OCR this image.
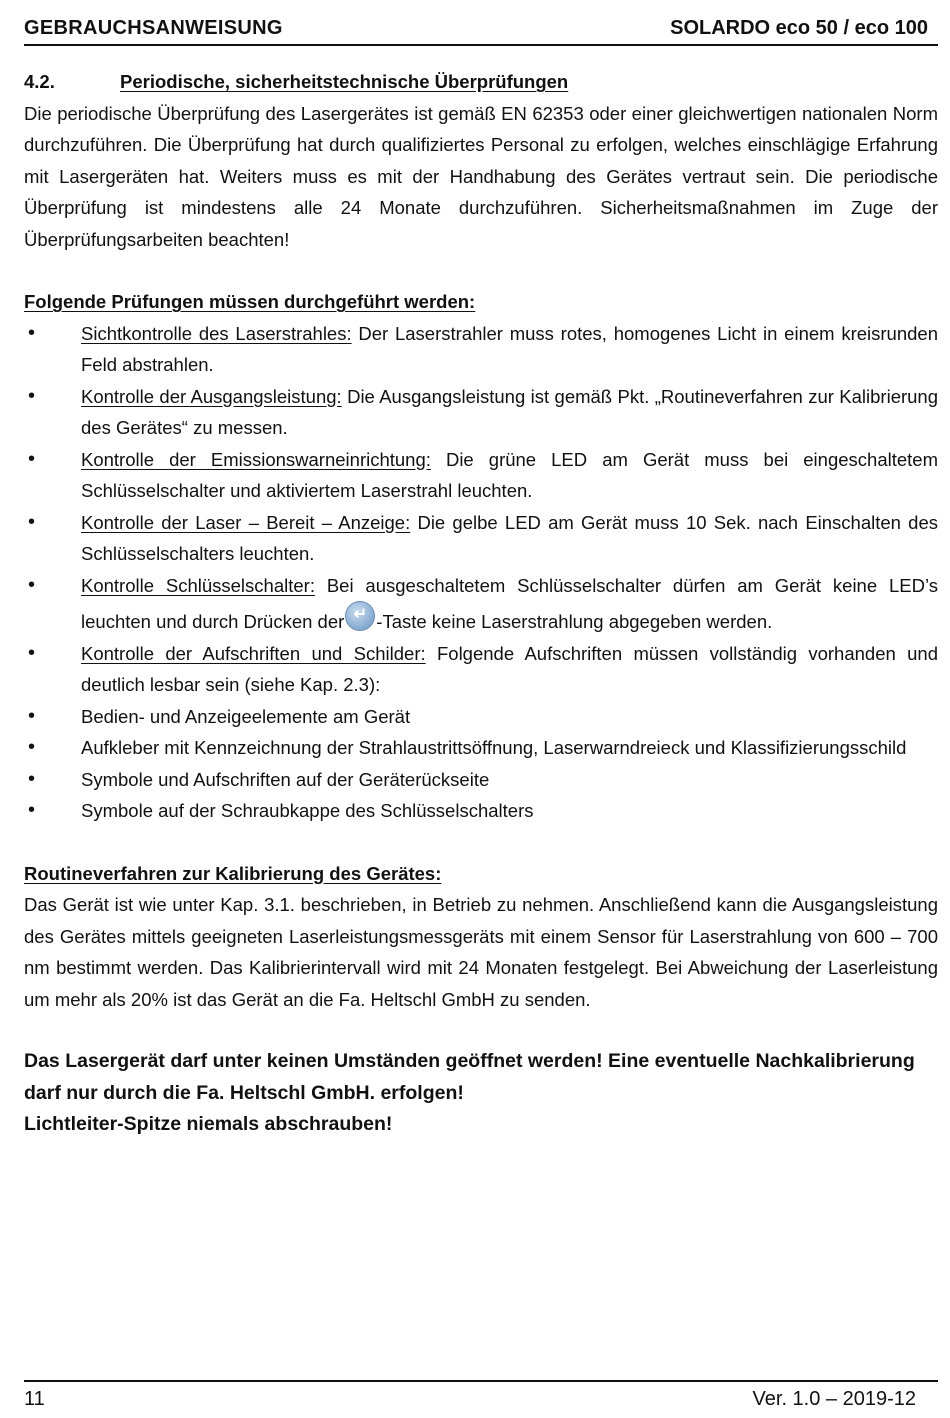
GEBRAUCHSANWEISUNG	SOLARDO eco 50 / eco 100
4.2.	Periodische, sicherheitstechnische Überprüfungen

Die periodische Überprüfung des Lasergerätes ist gemäß EN 62353 oder einer gleichwertigen nationalen Norm durchzuführen. Die Überprüfung hat durch qualifiziertes Personal zu erfolgen, welches einschlägige Erfahrung mit Lasergeräten hat. Weiters muss es mit der Handhabung des Gerätes vertraut sein. Die periodische Überprüfung ist mindestens alle 24 Monate durchzuführen. Sicherheitsmaßnahmen im Zuge der Überprüfungsarbeiten beachten!

Folgende Prüfungen müssen durchgeführt werden:
• Sichtkontrolle des Laserstrahles: Der Laserstrahler muss rotes, homogenes Licht in einem kreisrunden Feld abstrahlen.
• Kontrolle der Ausgangsleistung: Die Ausgangsleistung ist gemäß Pkt. „Routineverfahren zur Kalibrierung des Gerätes“ zu messen.
• Kontrolle der Emissionswarneinrichtung: Die grüne LED am Gerät muss bei eingeschaltetem Schlüsselschalter und aktiviertem Laserstrahl leuchten.
• Kontrolle der Laser – Bereit – Anzeige: Die gelbe LED am Gerät muss 10 Sek. nach Einschalten des Schlüsselschalters leuchten.
• Kontrolle Schlüsselschalter: Bei ausgeschaltetem Schlüsselschalter dürfen am Gerät keine LED’s leuchten und durch Drücken der↵ -Taste keine Laserstrahlung abgegeben werden.
• Kontrolle der Aufschriften und Schilder: Folgende Aufschriften müssen vollständig vorhanden und deutlich lesbar sein (siehe Kap. 2.3):
• Bedien- und Anzeigeelemente am Gerät
• Aufkleber mit Kennzeichnung der Strahlaustrittsöffnung, Laserwarndreieck und Klassifizierungsschild
• Symbole und Aufschriften auf der Geräterückseite
• Symbole auf der Schraubkappe des Schlüsselschalters
Routineverfahren zur Kalibrierung des Gerätes:

Das Gerät ist wie unter Kap. 3.1. beschrieben, in Betrieb zu nehmen. Anschließend kann die Ausgangsleistung des Gerätes mittels geeigneten Laserleistungsmessgeräts mit einem Sensor für Laserstrahlung von 600 – 700 nm bestimmt werden. Das Kalibrierintervall wird mit 24 Monaten festgelegt. Bei Abweichung der Laserleistung um mehr als 20% ist das Gerät an die Fa. Heltschl GmbH zu senden.

Das Lasergerät darf unter keinen Umständen geöffnet werden! Eine eventuelle Nachkalibrierung darf nur durch die Fa. Heltschl GmbH. erfolgen!
Lichtleiter-Spitze niemals abschrauben!
11	Ver. 1.0 – 2019-12
